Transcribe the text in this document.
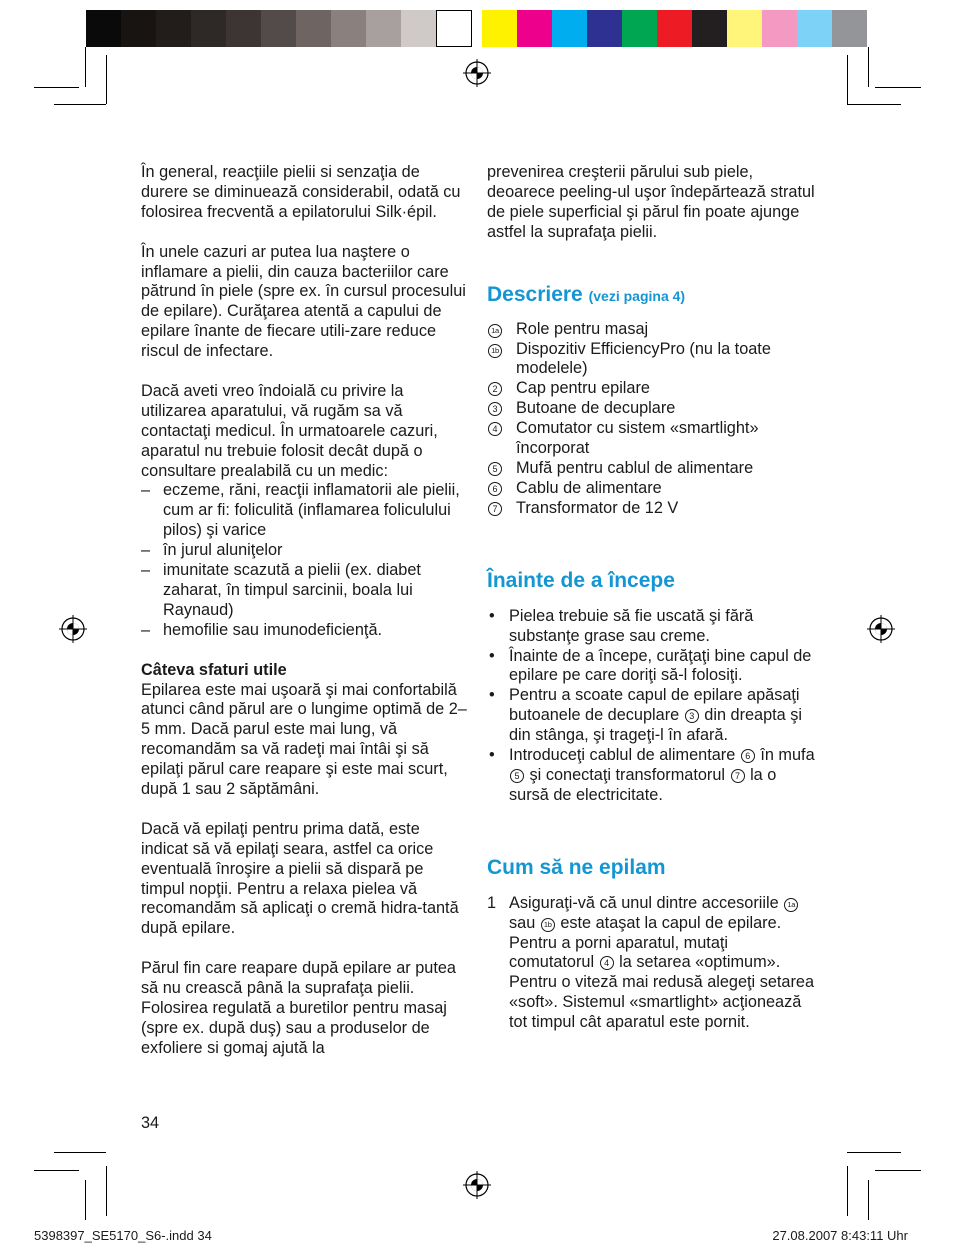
În general, reacţiile pielii si senzaţia de durere se diminuează considerabil, odată cu folosirea frecventă a epilatorului Silk·épil.

În unele cazuri ar putea lua naştere o inflamare a pielii, din cauza bacteriilor care pătrund în piele (spre ex. în cursul procesului de epilare). Curăţarea atentă a capului de epilare înante de fiecare utili-zare reduce riscul de infectare.

Dacă aveti vreo îndoială cu privire la utilizarea aparatului, vă rugăm sa vă contactaţi medicul. În urmatoarele cazuri, aparatul nu trebuie folosit decât după o consultare prealabilă cu un medic:
– eczeme, răni, reacţii inflamatorii ale pielii, cum ar fi: foliculită (inflamarea foliculului pilos) şi varice
– în jurul aluniţelor
– imunitate scazută a pielii (ex. diabet zaharat, în timpul sarcinii, boala lui Raynaud)
– hemofilie sau imunodeficienţă.
Câteva sfaturi utile
Epilarea este mai uşoară şi mai confortabilă atunci când părul are o lungime optimă de 2–5 mm. Dacă parul este mai lung, vă recomandăm sa vă radeţi mai întâi şi să epilaţi părul care reapare şi este mai scurt, după 1 sau 2 săptămâni.

Dacă vă epilaţi pentru prima dată, este indicat să vă epilaţi seara, astfel ca orice eventuală înroşire a pielii să dispară pe timpul nopţii. Pentru a relaxa pielea vă recomandăm să aplicaţi o cremă hidra-tantă după epilare.

Părul fin care reapare după epilare ar putea să nu crească până la suprafaţa pielii. Folosirea regulată a buretilor pentru masaj (spre ex. după duş) sau a produselor de exfoliere si gomaj ajută la

prevenirea creşterii părului sub piele, deoarece peeling-ul uşor îndepărtează stratul de piele superficial şi părul fin poate ajunge astfel la suprafaţa pielii.

Descriere (vezi pagina 4)
1a Role pentru masaj
1b Dispozitiv EfficiencyPro (nu la toate modelele)
2	Cap pentru epilare
3	Butoane de decuplare
4	Comutator cu sistem «smartlight» încorporat
5	Mufă pentru cablul de alimentare
6	Cablu de alimentare
7	Transformator de 12 V
Înainte de a începe
• Pielea trebuie să fie uscată şi fără substanţe grase sau creme.
• Înainte de a începe, curăţaţi bine capul de epilare pe care doriţi să-l folosiţi.
• Pentru a scoate capul de epilare apăsaţi butoanele de decuplare 3 din dreapta şi din stânga, şi trageţi-l în afară.
• Introduceţi cablul de alimentare 6 în mufa 5 şi conectaţi transformatorul 7 la o sursă de electricitate.
Cum să ne epilam
1 Asiguraţi-vă că unul dintre accesoriile 1a sau 1b este ataşat la capul de epilare.
Pentru a porni aparatul, mutaţi comutatorul 4 la setarea «optimum». Pentru o viteză mai redusă alegeţi setarea «soft». Sistemul «smartlight» acţionează tot timpul cât aparatul este pornit.
34
5398397_SE5170_S6-.indd 34	27.08.2007 8:43:11 Uhr
